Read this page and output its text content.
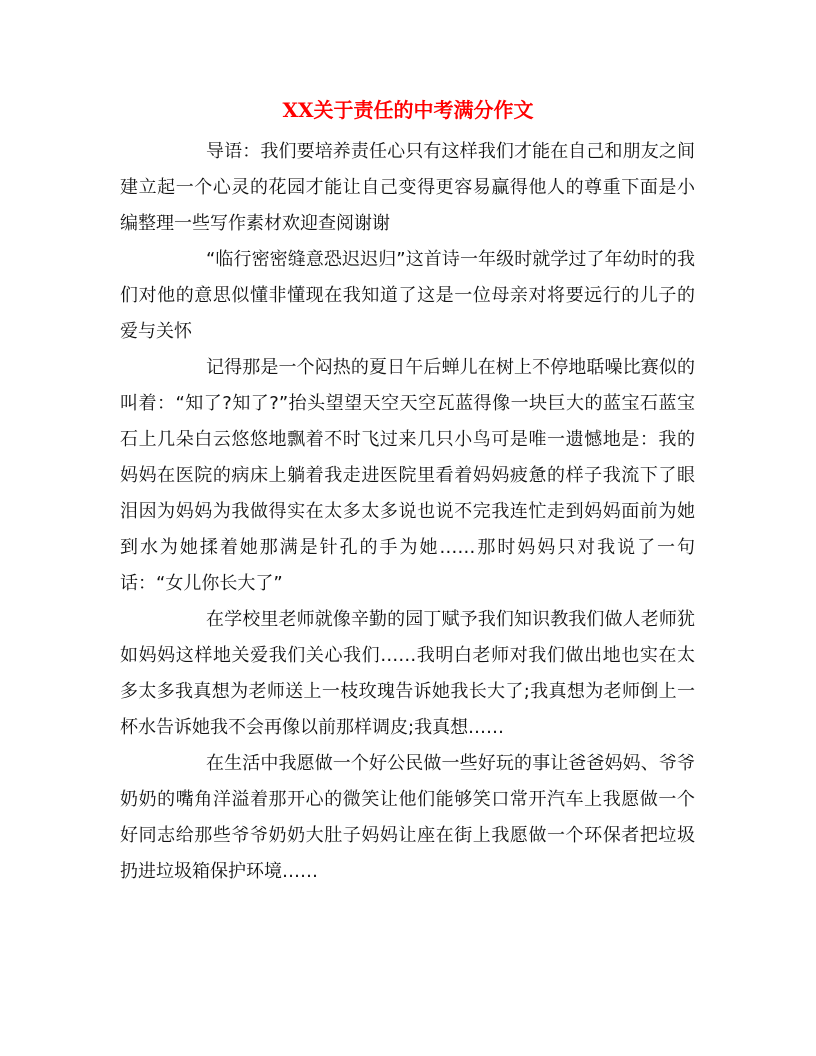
XX关于责任的中考满分作文

导语：我们要培养责任心只有这样我们才能在自己和朋友之间建立起一个心灵的花园才能让自己变得更容易赢得他人的尊重下面是小编整理一些写作素材欢迎查阅谢谢

“临行密密缝意恐迟迟归”这首诗一年级时就学过了年幼时的我们对他的意思似懂非懂现在我知道了这是一位母亲对将要远行的儿子的爱与关怀

记得那是一个闷热的夏日午后蝉儿在树上不停地聒噪比赛似的叫着：“知了?知了?”抬头望望天空天空瓦蓝得像一块巨大的蓝宝石蓝宝石上几朵白云悠悠地飘着不时飞过来几只小鸟可是唯一遗憾地是：我的妈妈在医院的病床上躺着我走进医院里看着妈妈疲惫的样子我流下了眼泪因为妈妈为我做得实在太多太多说也说不完我连忙走到妈妈面前为她到水为她揉着她那满是针孔的手为她……那时妈妈只对我说了一句话：“女儿你长大了”

在学校里老师就像辛勤的园丁赋予我们知识教我们做人老师犹如妈妈这样地关爱我们关心我们……我明白老师对我们做出地也实在太多太多我真想为老师送上一枝玫瑰告诉她我长大了;我真想为老师倒上一杯水告诉她我不会再像以前那样调皮;我真想……

在生活中我愿做一个好公民做一些好玩的事让爸爸妈妈、爷爷奶奶的嘴角洋溢着那开心的微笑让他们能够笑口常开汽车上我愿做一个好同志给那些爷爷奶奶大肚子妈妈让座在街上我愿做一个环保者把垃圾扔进垃圾箱保护环境……
